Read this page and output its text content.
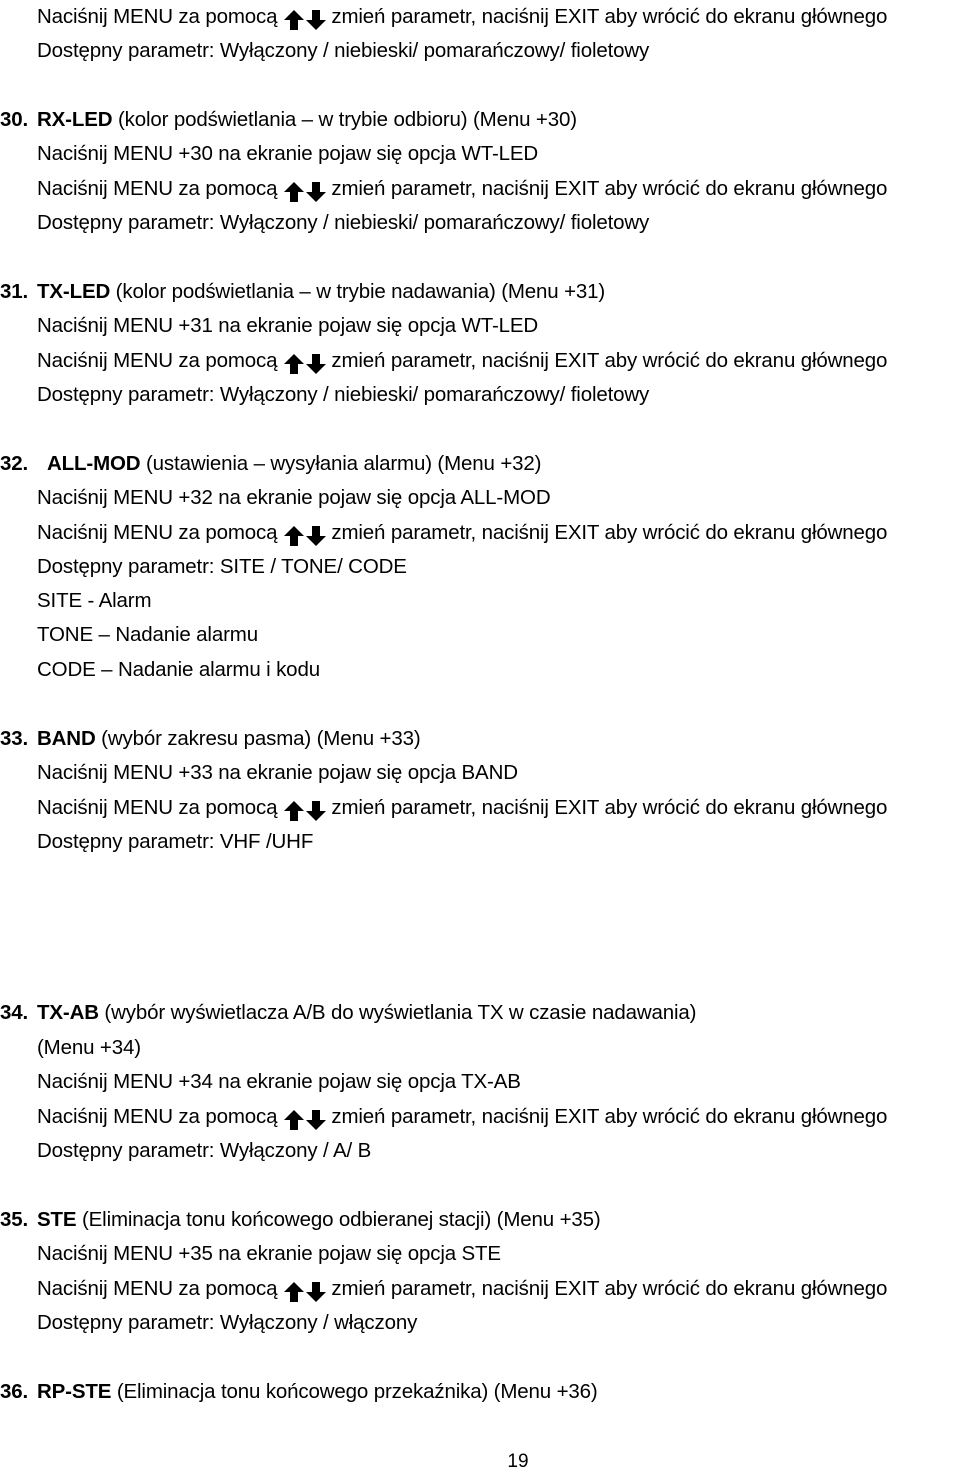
Naciśnij MENU za pomocą	zmień parametr, naciśnij EXIT aby wrócić do ekranu głównego
Dostępny parametr: Wyłączony / niebieski/ pomarańczowy/ fioletowy
30. RX-LED (kolor podświetlania – w trybie odbioru) (Menu +30)
Naciśnij MENU +30 na ekranie pojaw się opcja WT-LED
Naciśnij MENU za pomocą	zmień parametr, naciśnij EXIT aby wrócić do ekranu głównego
Dostępny parametr: Wyłączony / niebieski/ pomarańczowy/ fioletowy
31. TX-LED (kolor podświetlania – w trybie nadawania) (Menu +31)
Naciśnij MENU +31 na ekranie pojaw się opcja WT-LED
Naciśnij MENU za pomocą	zmień parametr, naciśnij EXIT aby wrócić do ekranu głównego
Dostępny parametr: Wyłączony / niebieski/ pomarańczowy/ fioletowy
32. ALL-MOD (ustawienia – wysyłania alarmu) (Menu +32)
Naciśnij MENU +32 na ekranie pojaw się opcja ALL-MOD
Naciśnij MENU za pomocą	zmień parametr, naciśnij EXIT aby wrócić do ekranu głównego
Dostępny parametr: SITE / TONE/ CODE
SITE - Alarm
TONE – Nadanie alarmu
CODE – Nadanie alarmu i kodu
33. BAND (wybór zakresu pasma) (Menu +33)
Naciśnij MENU +33 na ekranie pojaw się opcja BAND
Naciśnij MENU za pomocą	zmień parametr, naciśnij EXIT aby wrócić do ekranu głównego
Dostępny parametr: VHF /UHF
34. TX-AB (wybór wyświetlacza A/B do wyświetlania TX w czasie nadawania)
(Menu +34)
Naciśnij MENU +34 na ekranie pojaw się opcja TX-AB
Naciśnij MENU za pomocą	zmień parametr, naciśnij EXIT aby wrócić do ekranu głównego
Dostępny parametr: Wyłączony / A/ B
35. STE (Eliminacja tonu końcowego odbieranej stacji) (Menu +35)
Naciśnij MENU +35 na ekranie pojaw się opcja STE
Naciśnij MENU za pomocą	zmień parametr, naciśnij EXIT aby wrócić do ekranu głównego
Dostępny parametr: Wyłączony / włączony
36. RP-STE (Eliminacja tonu końcowego przekaźnika) (Menu +36)
19
